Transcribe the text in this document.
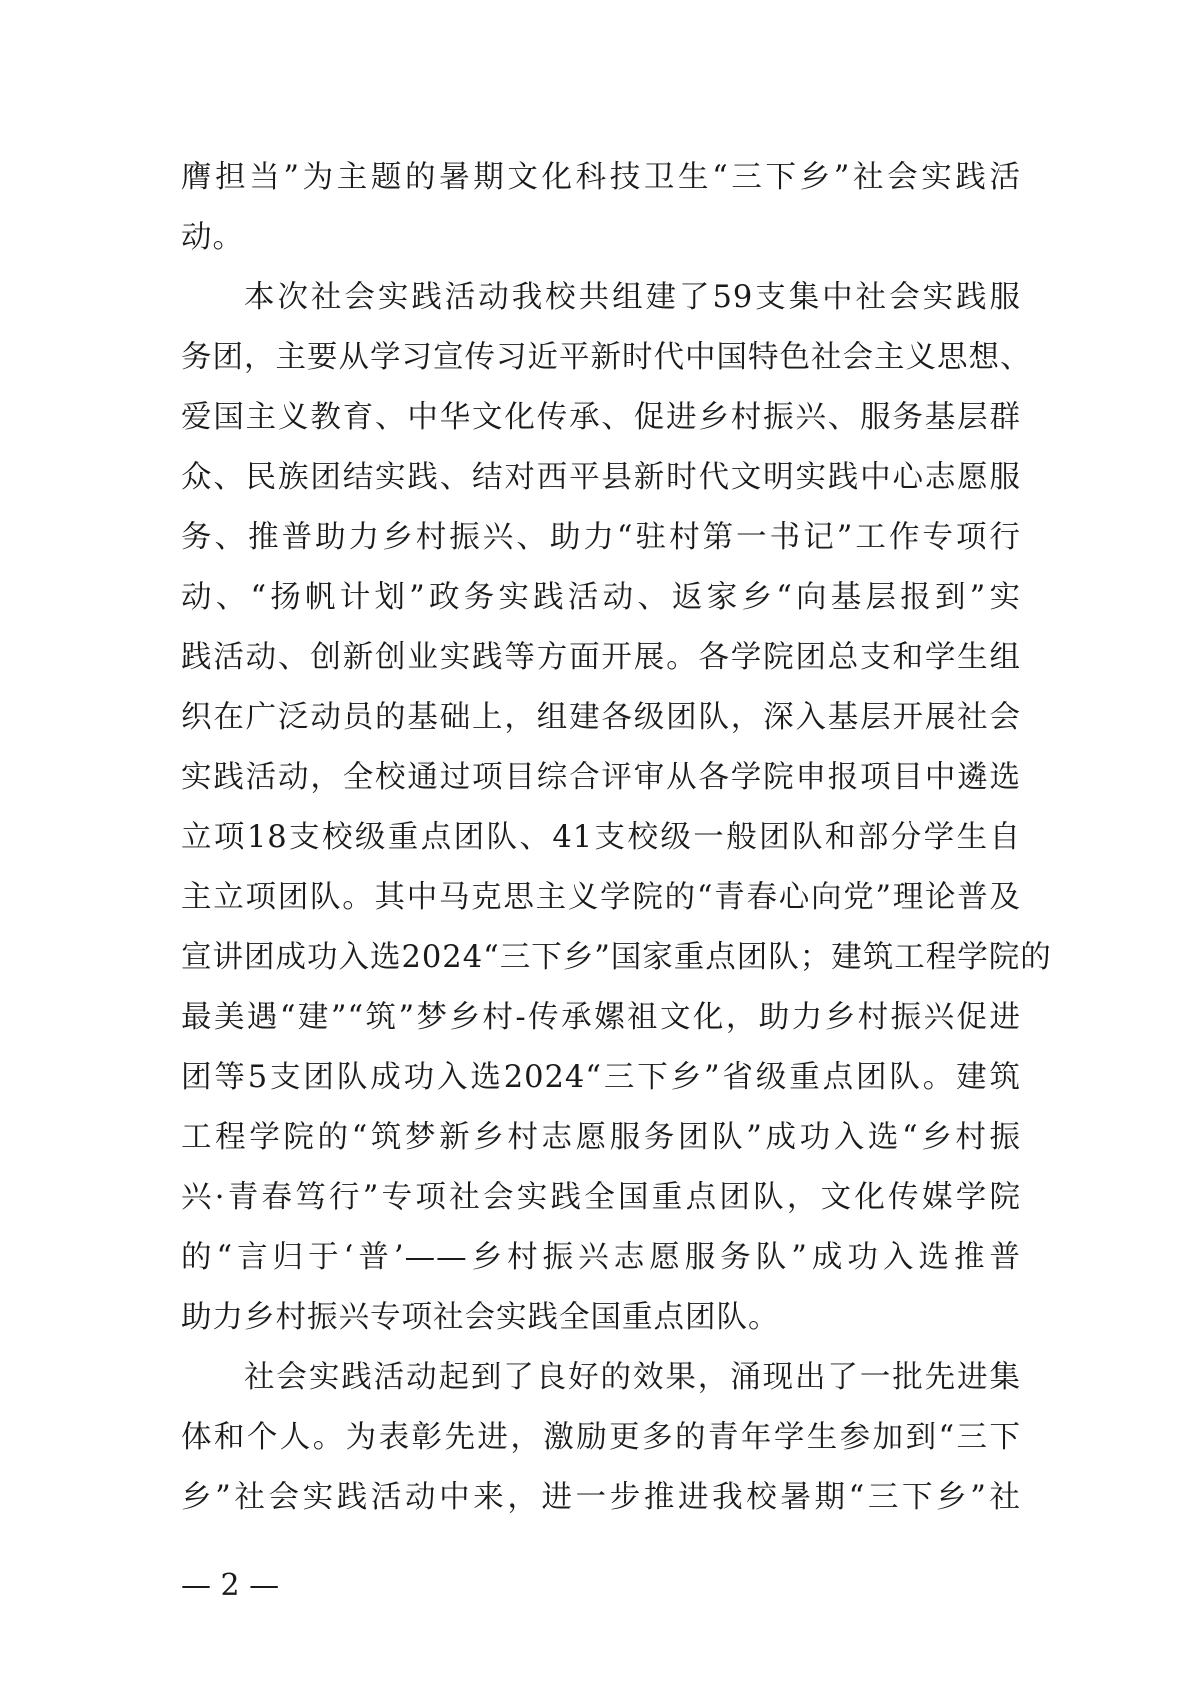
膺担当”为主题的暑期文化科技卫生“三下乡”社会实践活
动。
本次社会实践活动我校共组建了59支集中社会实践服
务团，主要从学习宣传习近平新时代中国特色社会主义思想、
爱国主义教育、中华文化传承、促进乡村振兴、服务基层群
众、民族团结实践、结对西平县新时代文明实践中心志愿服
务、推普助力乡村振兴、助力“驻村第一书记”工作专项行
动、“扬帆计划”政务实践活动、返家乡“向基层报到”实
践活动、创新创业实践等方面开展。各学院团总支和学生组
织在广泛动员的基础上，组建各级团队，深入基层开展社会
实践活动，全校通过项目综合评审从各学院申报项目中遴选
立项18支校级重点团队、41支校级一般团队和部分学生自
主立项团队。其中马克思主义学院的“青春心向党”理论普及
宣讲团成功入选2024“三下乡”国家重点团队；建筑工程学院的
最美遇“建”“筑”梦乡村-传承嫘祖文化，助力乡村振兴促进
团等5支团队成功入选2024“三下乡”省级重点团队。建筑
工程学院的“筑梦新乡村志愿服务团队”成功入选“乡村振
兴·青春笃行”专项社会实践全国重点团队，文化传媒学院
的“言归于‘普’——乡村振兴志愿服务队”成功入选推普
助力乡村振兴专项社会实践全国重点团队。
社会实践活动起到了良好的效果，涌现出了一批先进集
体和个人。为表彰先进，激励更多的青年学生参加到“三下
乡”社会实践活动中来，进一步推进我校暑期“三下乡”社
— 2 —
